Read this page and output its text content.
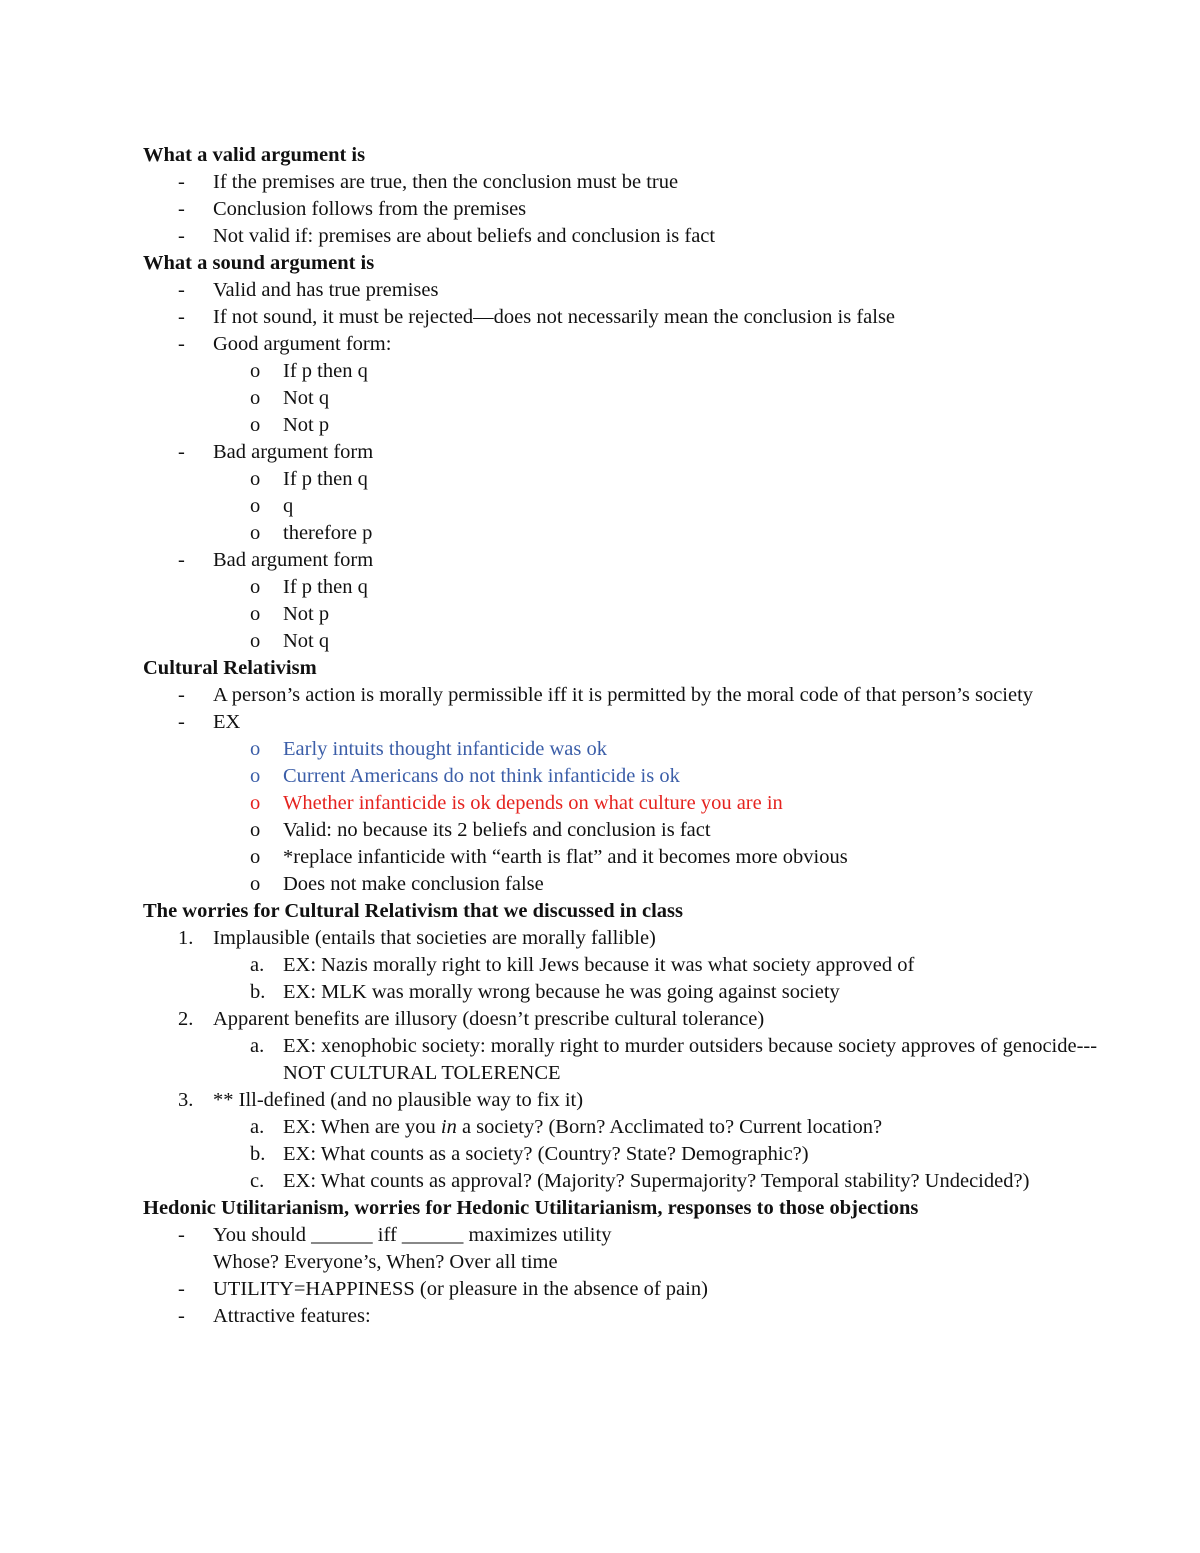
What a valid argument is
- If the premises are true, then the conclusion must be true
- Conclusion follows from the premises
- Not valid if: premises are about beliefs and conclusion is fact
What a sound argument is
- Valid and has true premises
- If not sound, it must be rejected—does not necessarily mean the conclusion is false
- Good argument form:
o If p then q
o Not q
o Not p
- Bad argument form
o If p then q
o q
o therefore p
- Bad argument form
o If p then q
o Not p
o Not q
Cultural Relativism
- A person’s action is morally permissible iff it is permitted by the moral code of that person’s society
- EX
o Early intuits thought infanticide was ok
o Current Americans do not think infanticide is ok
o Whether infanticide is ok depends on what culture you are in
o Valid: no because its 2 beliefs and conclusion is fact
o *replace infanticide with “earth is flat” and it becomes more obvious
o Does not make conclusion false
The worries for Cultural Relativism that we discussed in class
1. Implausible (entails that societies are morally fallible)
a. EX: Nazis morally right to kill Jews because it was what society approved of
b. EX: MLK was morally wrong because he was going against society
2. Apparent benefits are illusory (doesn’t prescribe cultural tolerance)
a. EX: xenophobic society: morally right to murder outsiders because society approves of genocide--- NOT CULTURAL TOLERENCE
3. ** Ill-defined (and no plausible way to fix it)
a. EX: When are you in a society? (Born? Acclimated to? Current location?
b. EX: What counts as a society? (Country? State? Demographic?)
c. EX: What counts as approval? (Majority? Supermajority? Temporal stability? Undecided?)
Hedonic Utilitarianism, worries for Hedonic Utilitarianism, responses to those objections
- You should ______ iff ______ maximizes utility
Whose? Everyone’s, When? Over all time
- UTILITY=HAPPINESS (or pleasure in the absence of pain)
- Attractive features:
